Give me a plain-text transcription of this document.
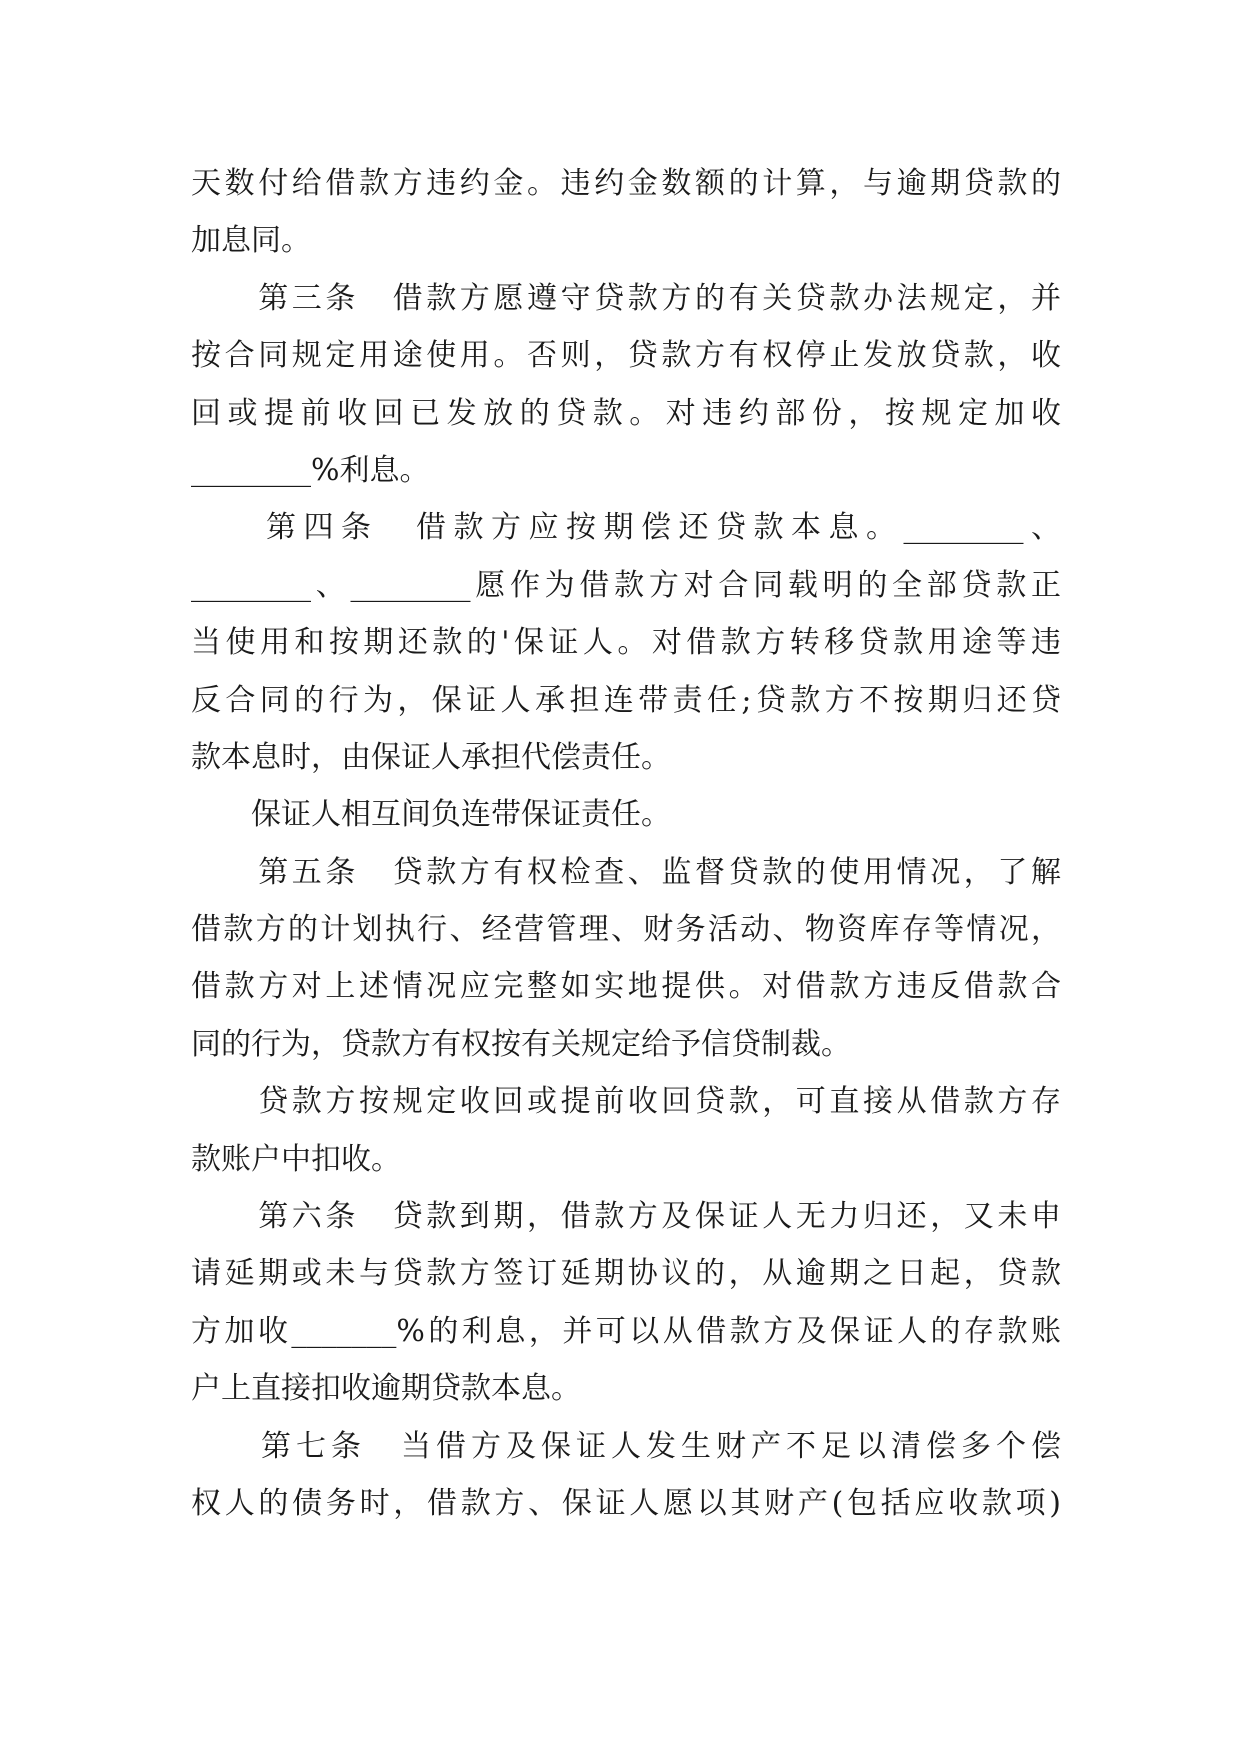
天数付给借款方违约金。违约金数额的计算，与逾期贷款的
加息同。
　　第三条　借款方愿遵守贷款方的有关贷款办法规定，并
按合同规定用途使用。否则，贷款方有权停止发放贷款，收
回或提前收回已发放的贷款。对违约部份，按规定加收
________%利息。
　　第四条　借款方应按期偿还贷款本息。________、
________、________愿作为借款方对合同载明的全部贷款正
当使用和按期还款的'保证人。对借款方转移贷款用途等违
反合同的行为，保证人承担连带责任;贷款方不按期归还贷
款本息时，由保证人承担代偿责任。
　　保证人相互间负连带保证责任。
　　第五条　贷款方有权检查、监督贷款的使用情况，了解
借款方的计划执行、经营管理、财务活动、物资库存等情况，
借款方对上述情况应完整如实地提供。对借款方违反借款合
同的行为，贷款方有权按有关规定给予信贷制裁。
　　贷款方按规定收回或提前收回贷款，可直接从借款方存
款账户中扣收。
　　第六条　贷款到期，借款方及保证人无力归还，又未申
请延期或未与贷款方签订延期协议的，从逾期之日起，贷款
方加收_______%的利息，并可以从借款方及保证人的存款账
户上直接扣收逾期贷款本息。
　　第七条　当借方及保证人发生财产不足以清偿多个偿
权人的债务时，借款方、保证人愿以其财产(包括应收款项)
